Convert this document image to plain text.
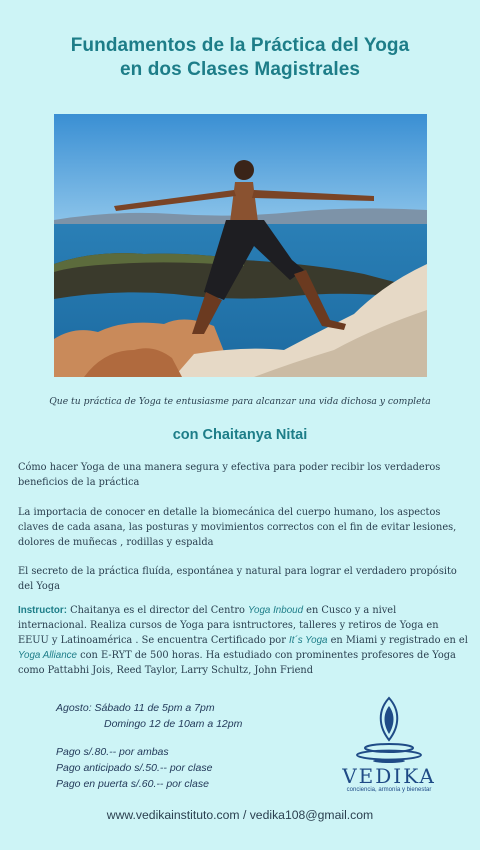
Fundamentos de la Práctica del Yoga
en dos Clases Magistrales
Que tu práctica de Yoga te entusiasme para alcanzar una vida dichosa y completa
con Chaitanya Nitai
Cómo hacer Yoga de una manera segura y efectiva para poder recibir los verdaderos beneficios de la práctica
La importacia de conocer en detalle la biomecánica del cuerpo humano, los aspectos claves de cada asana, las posturas y movimientos correctos con el fin de evitar lesiones, dolores de muñecas , rodillas y espalda
El secreto de la práctica fluída, espontánea y natural para lograr el verdadero propósito del Yoga
Instructor: Chaitanya es el director del Centro Yoga Inboud en Cusco y a nivel internacional. Realiza cursos de Yoga para isntructores, talleres y retiros de Yoga en EEUU y Latinoamérica . Se encuentra Certificado por It´s Yoga en Miami y registrado en el Yoga Alliance con E-RYT de 500 horas. Ha estudiado con prominentes profesores de Yoga como Pattabhi Jois, Reed Taylor, Larry Schultz, John Friend
Agosto: Sábado 11 de 5pm a 7pm
Domingo 12 de 10am a 12pm
Pago s/.80.-- por ambas
Pago anticipado s/.50.-- por clase
Pago en puerta s/.60.-- por clase	VEDIKA
conciencia, armonía y bienestar
www.vedikainstituto.com / vedika108@gmail.com
